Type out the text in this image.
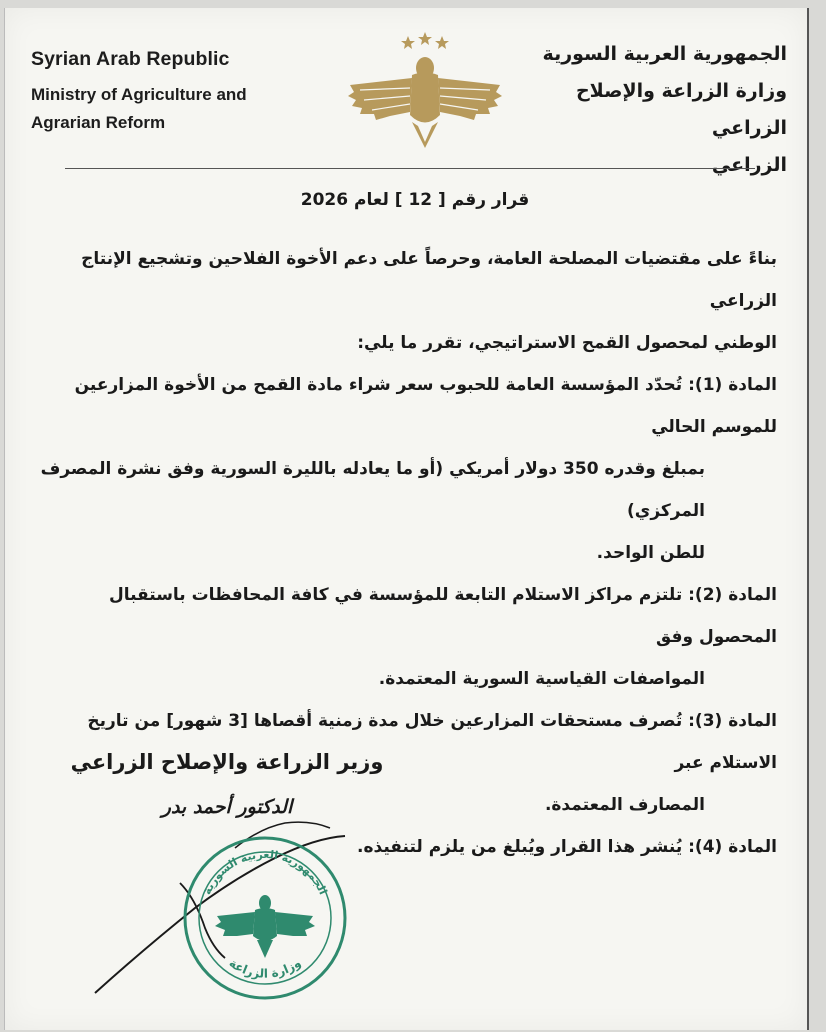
Syrian Arab Republic
Ministry of Agriculture and
Agrarian Reform
الجمهورية العربية السورية
وزارة الزراعة والإصلاح الزراعي
الزراعي
قرار رقم [ 12 ] لعام 2026

بناءً على مقتضيات المصلحة العامة، وحرصاً على دعم الأخوة الفلاحين وتشجيع الإنتاج الزراعي

الوطني لمحصول القمح الاستراتيجي، تقرر ما يلي:

المادة (1): تُحدّد المؤسسة العامة للحبوب سعر شراء مادة القمح من الأخوة المزارعين للموسم الحالي
بمبلغ وقدره 350 دولار أمريكي (أو ما يعادله بالليرة السورية وفق نشرة المصرف المركزي)
للطن الواحد.
المادة (2): تلتزم مراكز الاستلام التابعة للمؤسسة في كافة المحافظات باستقبال المحصول وفق
المواصفات القياسية السورية المعتمدة.
المادة (3): تُصرف مستحقات المزارعين خلال مدة زمنية أقصاها [3 شهور] من تاريخ الاستلام عبر
المصارف المعتمدة.
المادة (4): يُنشر هذا القرار ويُبلغ من يلزم لتنفيذه.
وزير الزراعة والإصلاح الزراعي
الدكتور أحمد بدر
الجمهورية العربية السورية
وزارة الزراعة
